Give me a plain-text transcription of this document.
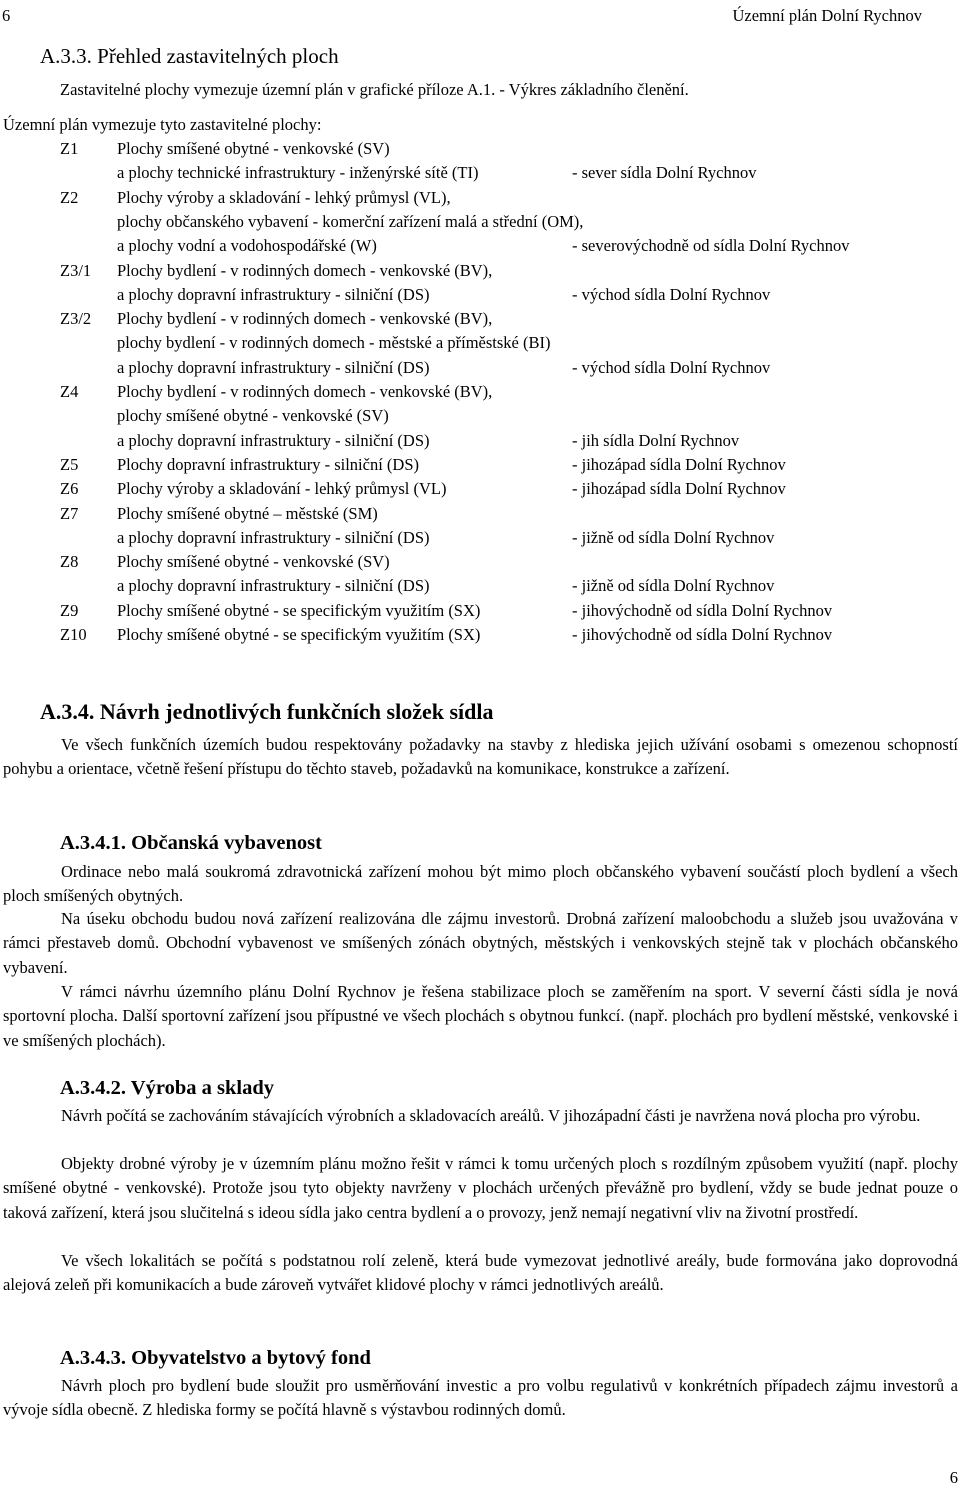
6	Územní plán Dolní Rychnov
A.3.3. Přehled zastavitelných ploch
Zastavitelné plochy vymezuje územní plán v grafické příloze A.1. - Výkres základního členění.
Územní plán vymezuje tyto zastavitelné plochy:
Z1 Plochy smíšené obytné - venkovské (SV)
a plochy technické infrastruktury - inženýrské sítě (TI)	- sever sídla Dolní Rychnov
Z2 Plochy výroby a skladování - lehký průmysl (VL),
plochy občanského vybavení - komerční zařízení malá a střední (OM),
a plochy vodní a vodohospodářské (W)	- severovýchodně od sídla Dolní Rychnov
Z3/1 Plochy bydlení - v rodinných domech - venkovské (BV),
a plochy dopravní infrastruktury - silniční (DS)	- východ sídla Dolní Rychnov
Z3/2 Plochy bydlení - v rodinných domech - venkovské (BV),
plochy bydlení - v rodinných domech - městské a příměstské (BI)
a plochy dopravní infrastruktury - silniční (DS)	- východ sídla Dolní Rychnov
Z4 Plochy bydlení - v rodinných domech - venkovské (BV),
plochy smíšené obytné - venkovské (SV)
a plochy dopravní infrastruktury - silniční (DS)	- jih sídla Dolní Rychnov
Z5 Plochy dopravní infrastruktury - silniční (DS)	- jihozápad sídla Dolní Rychnov
Z6 Plochy výroby a skladování - lehký průmysl (VL)	- jihozápad sídla Dolní Rychnov
Z7 Plochy smíšené obytné – městské (SM)
a plochy dopravní infrastruktury - silniční (DS)	- jižně od sídla Dolní Rychnov
Z8 Plochy smíšené obytné - venkovské (SV)
a plochy dopravní infrastruktury - silniční (DS)	- jižně od sídla Dolní Rychnov
Z9 Plochy smíšené obytné - se specifickým využitím (SX)	- jihovýchodně od sídla Dolní Rychnov
Z10 Plochy smíšené obytné - se specifickým využitím (SX)	- jihovýchodně od sídla Dolní Rychnov
A.3.4. Návrh jednotlivých funkčních složek sídla

Ve všech funkčních územích budou respektovány požadavky na stavby z hlediska jejich užívání osobami s omezenou schopností pohybu a orientace, včetně řešení přístupu do těchto staveb, požadavků na komunikace, konstrukce a zařízení.

A.3.4.1. Občanská vybavenost

Ordinace nebo malá soukromá zdravotnická zařízení mohou být mimo ploch občanského vybavení součástí ploch bydlení a všech ploch smíšených obytných.

Na úseku obchodu budou nová zařízení realizována dle zájmu investorů. Drobná zařízení maloobchodu a služeb jsou uvažována v rámci přestaveb domů. Obchodní vybavenost ve smíšených zónách obytných, městských i venkovských stejně tak v plochách občanského vybavení.

V rámci návrhu územního plánu Dolní Rychnov je řešena stabilizace ploch se zaměřením na sport. V severní části sídla je nová sportovní plocha. Další sportovní zařízení jsou přípustné ve všech plochách s obytnou funkcí. (např. plochách pro bydlení městské, venkovské i ve smíšených plochách).

A.3.4.2. Výroba a sklady

Návrh počítá se zachováním stávajících výrobních a skladovacích areálů. V jihozápadní části je navržena nová plocha pro výrobu.

Objekty drobné výroby je v územním plánu možno řešit v rámci k tomu určených ploch s rozdílným způsobem využití (např. plochy smíšené obytné - venkovské). Protože jsou tyto objekty navrženy v plochách určených převážně pro bydlení, vždy se bude jednat pouze o taková zařízení, která jsou slučitelná s ideou sídla jako centra bydlení a o provozy, jenž nemají negativní vliv na životní prostředí.

Ve všech lokalitách se počítá s podstatnou rolí zeleně, která bude vymezovat jednotlivé areály, bude formována jako doprovodná alejová zeleň při komunikacích a bude zároveň vytvářet klidové plochy v rámci jednotlivých areálů.

A.3.4.3. Obyvatelstvo a bytový fond

Návrh ploch pro bydlení bude sloužit pro usměrňování investic a pro volbu regulativů v konkrétních případech zájmu investorů a vývoje sídla obecně. Z hlediska formy se počítá hlavně s výstavbou rodinných domů.

6
